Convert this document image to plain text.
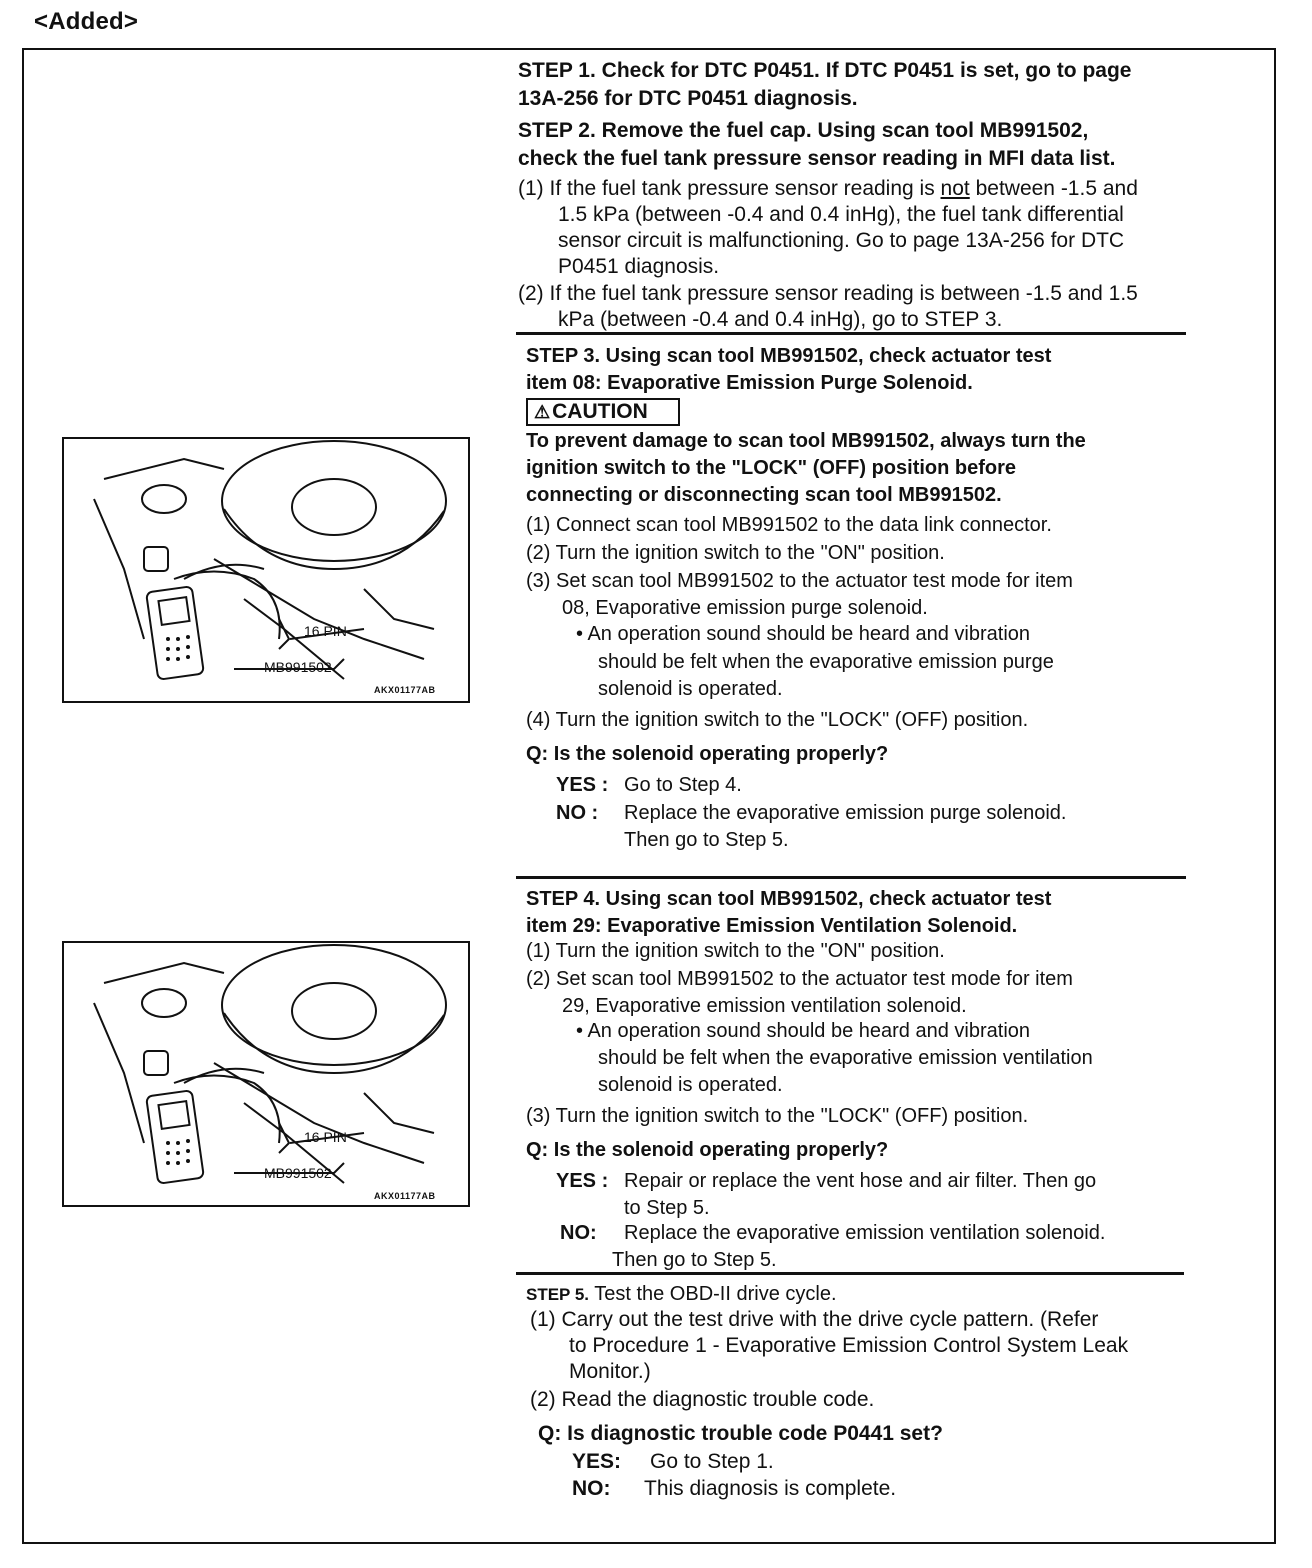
<Added>
STEP 1. Check for DTC P0451. If DTC P0451 is set, go to page
13A-256 for DTC P0451 diagnosis.
STEP 2. Remove the fuel cap. Using scan tool MB991502,
check the fuel tank pressure sensor reading in MFI data list.
(1) If the fuel tank pressure sensor reading is not between -1.5 and
1.5 kPa (between -0.4 and 0.4 inHg), the fuel tank differential
sensor circuit is malfunctioning. Go to page 13A-256 for DTC
P0451 diagnosis.
(2) If the fuel tank pressure sensor reading is between -1.5 and 1.5
kPa (between -0.4 and 0.4 inHg), go to STEP 3.
STEP 3. Using scan tool MB991502, check actuator test
item 08: Evaporative Emission Purge Solenoid.
⚠CAUTION
To prevent damage to scan tool MB991502, always turn the
ignition switch to the "LOCK" (OFF) position before
connecting or disconnecting scan tool MB991502.
(1) Connect scan tool MB991502 to the data link connector.
(2) Turn the ignition switch to the "ON" position.
(3) Set scan tool MB991502 to the actuator test mode for item
08, Evaporative emission purge solenoid.
• An operation sound should be heard and vibration
should be felt when the evaporative emission purge
solenoid is operated.
(4) Turn the ignition switch to the "LOCK" (OFF) position.
Q: Is the solenoid operating properly?
YES : Go to Step 4.
NO : Replace the evaporative emission purge solenoid.
Then go to Step 5.
STEP 4. Using scan tool MB991502, check actuator test
item 29: Evaporative Emission Ventilation Solenoid.
(1) Turn the ignition switch to the "ON" position.
(2) Set scan tool MB991502 to the actuator test mode for item
29, Evaporative emission ventilation solenoid.
• An operation sound should be heard and vibration
should be felt when the evaporative emission ventilation
solenoid is operated.
(3) Turn the ignition switch to the "LOCK" (OFF) position.
Q: Is the solenoid operating properly?
YES : Repair or replace the vent hose and air filter. Then go
to Step 5.
NO: Replace the evaporative emission ventilation solenoid.
Then go to Step 5.
STEP 5. Test the OBD-II drive cycle.
(1) Carry out the test drive with the drive cycle pattern. (Refer
to Procedure 1 - Evaporative Emission Control System Leak
Monitor.)
(2) Read the diagnostic trouble code.
Q: Is diagnostic trouble code P0441 set?
YES: Go to Step 1.
NO: This diagnosis is complete.
16 PIN
MB991502
AKX01177AB
16 PIN
MB991502
AKX01177AB
